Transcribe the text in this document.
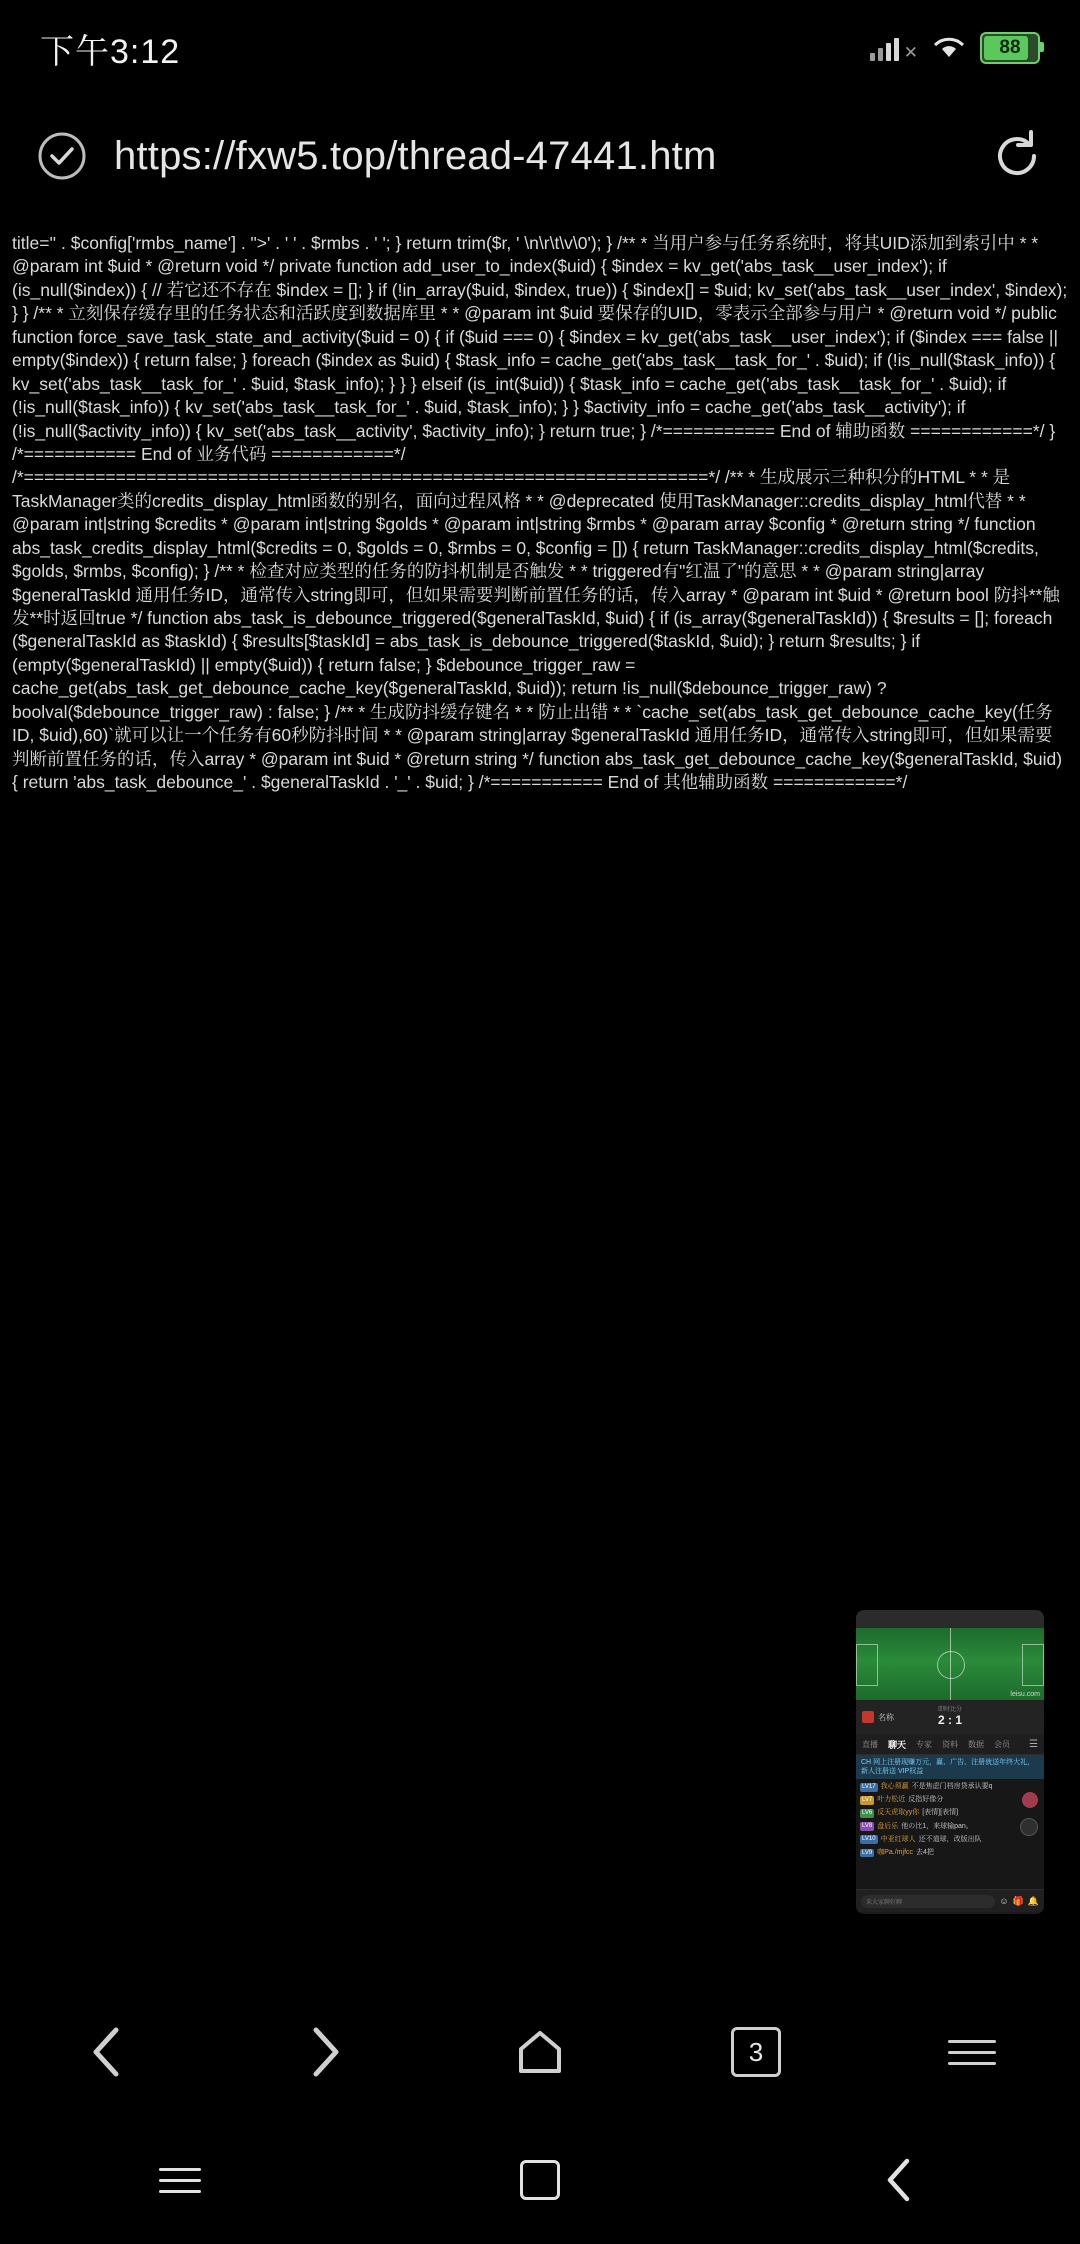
下午3:12	✕	88
https://fxw5.top/thread-47441.htm
title='' . $config['rmbs_name'] . ">' . ' ' . $rmbs . ' '; } return trim($r, ' \n\r\t\v\0'); } /** * 当用户参与任务系统时，将其UID添加到索引中 * * @param int $uid * @return void */ private function add_user_to_index($uid) { $index = kv_get('abs_task__user_index'); if (is_null($index)) { // 若它还不存在 $index = []; } if (!in_array($uid, $index, true)) { $index[] = $uid; kv_set('abs_task__user_index', $index); } } /** * 立刻保存缓存里的任务状态和活跃度到数据库里 * * @param int $uid 要保存的UID，零表示全部参与用户 * @return void */ public function force_save_task_state_and_activity($uid = 0) { if ($uid === 0) { $index = kv_get('abs_task__user_index'); if ($index === false || empty($index)) { return false; } foreach ($index as $uid) { $task_info = cache_get('abs_task__task_for_' . $uid); if (!is_null($task_info)) { kv_set('abs_task__task_for_' . $uid, $task_info); } } } elseif (is_int($uid)) { $task_info = cache_get('abs_task__task_for_' . $uid); if (!is_null($task_info)) { kv_set('abs_task__task_for_' . $uid, $task_info); } } $activity_info = cache_get('abs_task__activity'); if (!is_null($activity_info)) { kv_set('abs_task__activity', $activity_info); } return true; } /*=========== End of 辅助函数 ============*/ } /*=========== End of 业务代码 ============*/ /*===================================================================*/ /** * 生成展示三种积分的HTML * * 是TaskManager类的credits_display_html函数的别名，面向过程风格 * * @deprecated 使用TaskManager::credits_display_html代替 * * @param int|string $credits * @param int|string $golds * @param int|string $rmbs * @param array $config * @return string */ function abs_task_credits_display_html($credits = 0, $golds = 0, $rmbs = 0, $config = []) { return TaskManager::credits_display_html($credits, $golds, $rmbs, $config); } /** * 检查对应类型的任务的防抖机制是否触发 * * triggered有"红温了"的意思 * * @param string|array $generalTaskId 通用任务ID，通常传入string即可，但如果需要判断前置任务的话，传入array * @param int $uid * @return bool 防抖**触发**时返回true */ function abs_task_is_debounce_triggered($generalTaskId, $uid) { if (is_array($generalTaskId)) { $results = []; foreach ($generalTaskId as $taskId) { $results[$taskId] = abs_task_is_debounce_triggered($taskId, $uid); } return $results; } if (empty($generalTaskId) || empty($uid)) { return false; } $debounce_trigger_raw = cache_get(abs_task_get_debounce_cache_key($generalTaskId, $uid)); return !is_null($debounce_trigger_raw) ? boolval($debounce_trigger_raw) : false; } /** * 生成防抖缓存键名 * * 防止出错 * * `cache_set(abs_task_get_debounce_cache_key(任务ID, $uid),60)`就可以让一个任务有60秒防抖时间 * * @param string|array $generalTaskId 通用任务ID，通常传入string即可，但如果需要判断前置任务的话，传入array * @param int $uid * @return string */ function abs_task_get_debounce_cache_key($generalTaskId, $uid) { return 'abs_task_debounce_' . $generalTaskId . '_' . $uid; } /*=========== End of 其他辅助函数 ============*/
leisu.com
名称
即时比分
2 : 1
直播 聊天 专家 资料 数据 会员 ☰
CH 网上注册现赚万元，赢、广告、注册就送年终大礼，新人注册送 VIP权益
LV17 我心须赢 不是焦虑门档房贷承认要q
LV7 叶力松近 反指好像分
LV6 反天虎取yy你 [表情][表情]
LV8 盘后乐 他の比1，来球输pan。
LV10 中亚红球人 还不道球，改版出队
LV9 咖Pa./mjfcc 去4把
来大家聊好聊	☺ 🎁 🔔
3
